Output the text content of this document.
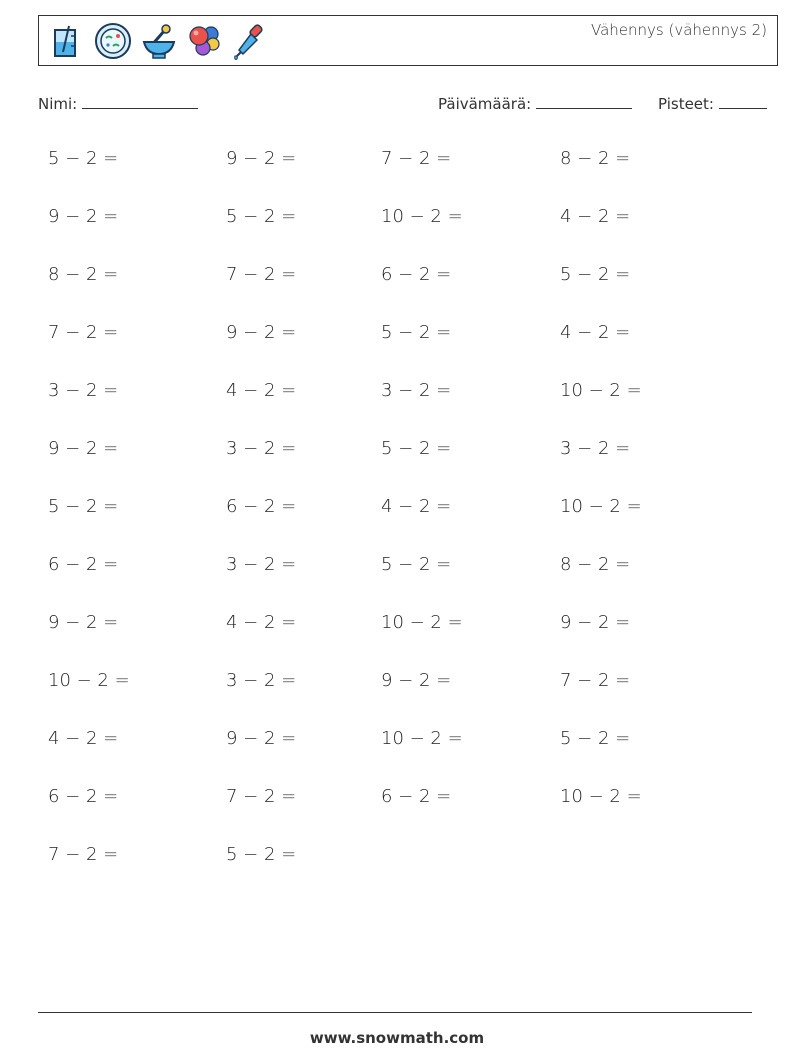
Vähennys (vähennys 2)
Nimi:	Päivämäärä:	Pisteet:
5 − 2 =	9 − 2 =	7 − 2 =	8 − 2 =
9 − 2 =	5 − 2 =	10 − 2 =	4 − 2 =
8 − 2 =	7 − 2 =	6 − 2 =	5 − 2 =
7 − 2 =	9 − 2 =	5 − 2 =	4 − 2 =
3 − 2 =	4 − 2 =	3 − 2 =	10 − 2 =
9 − 2 =	3 − 2 =	5 − 2 =	3 − 2 =
5 − 2 =	6 − 2 =	4 − 2 =	10 − 2 =
6 − 2 =	3 − 2 =	5 − 2 =	8 − 2 =
9 − 2 =	4 − 2 =	10 − 2 =	9 − 2 =
10 − 2 =	3 − 2 =	9 − 2 =	7 − 2 =
4 − 2 =	9 − 2 =	10 − 2 =	5 − 2 =
6 − 2 =	7 − 2 =	6 − 2 =	10 − 2 =
7 − 2 =	5 − 2 =
www.snowmath.com
